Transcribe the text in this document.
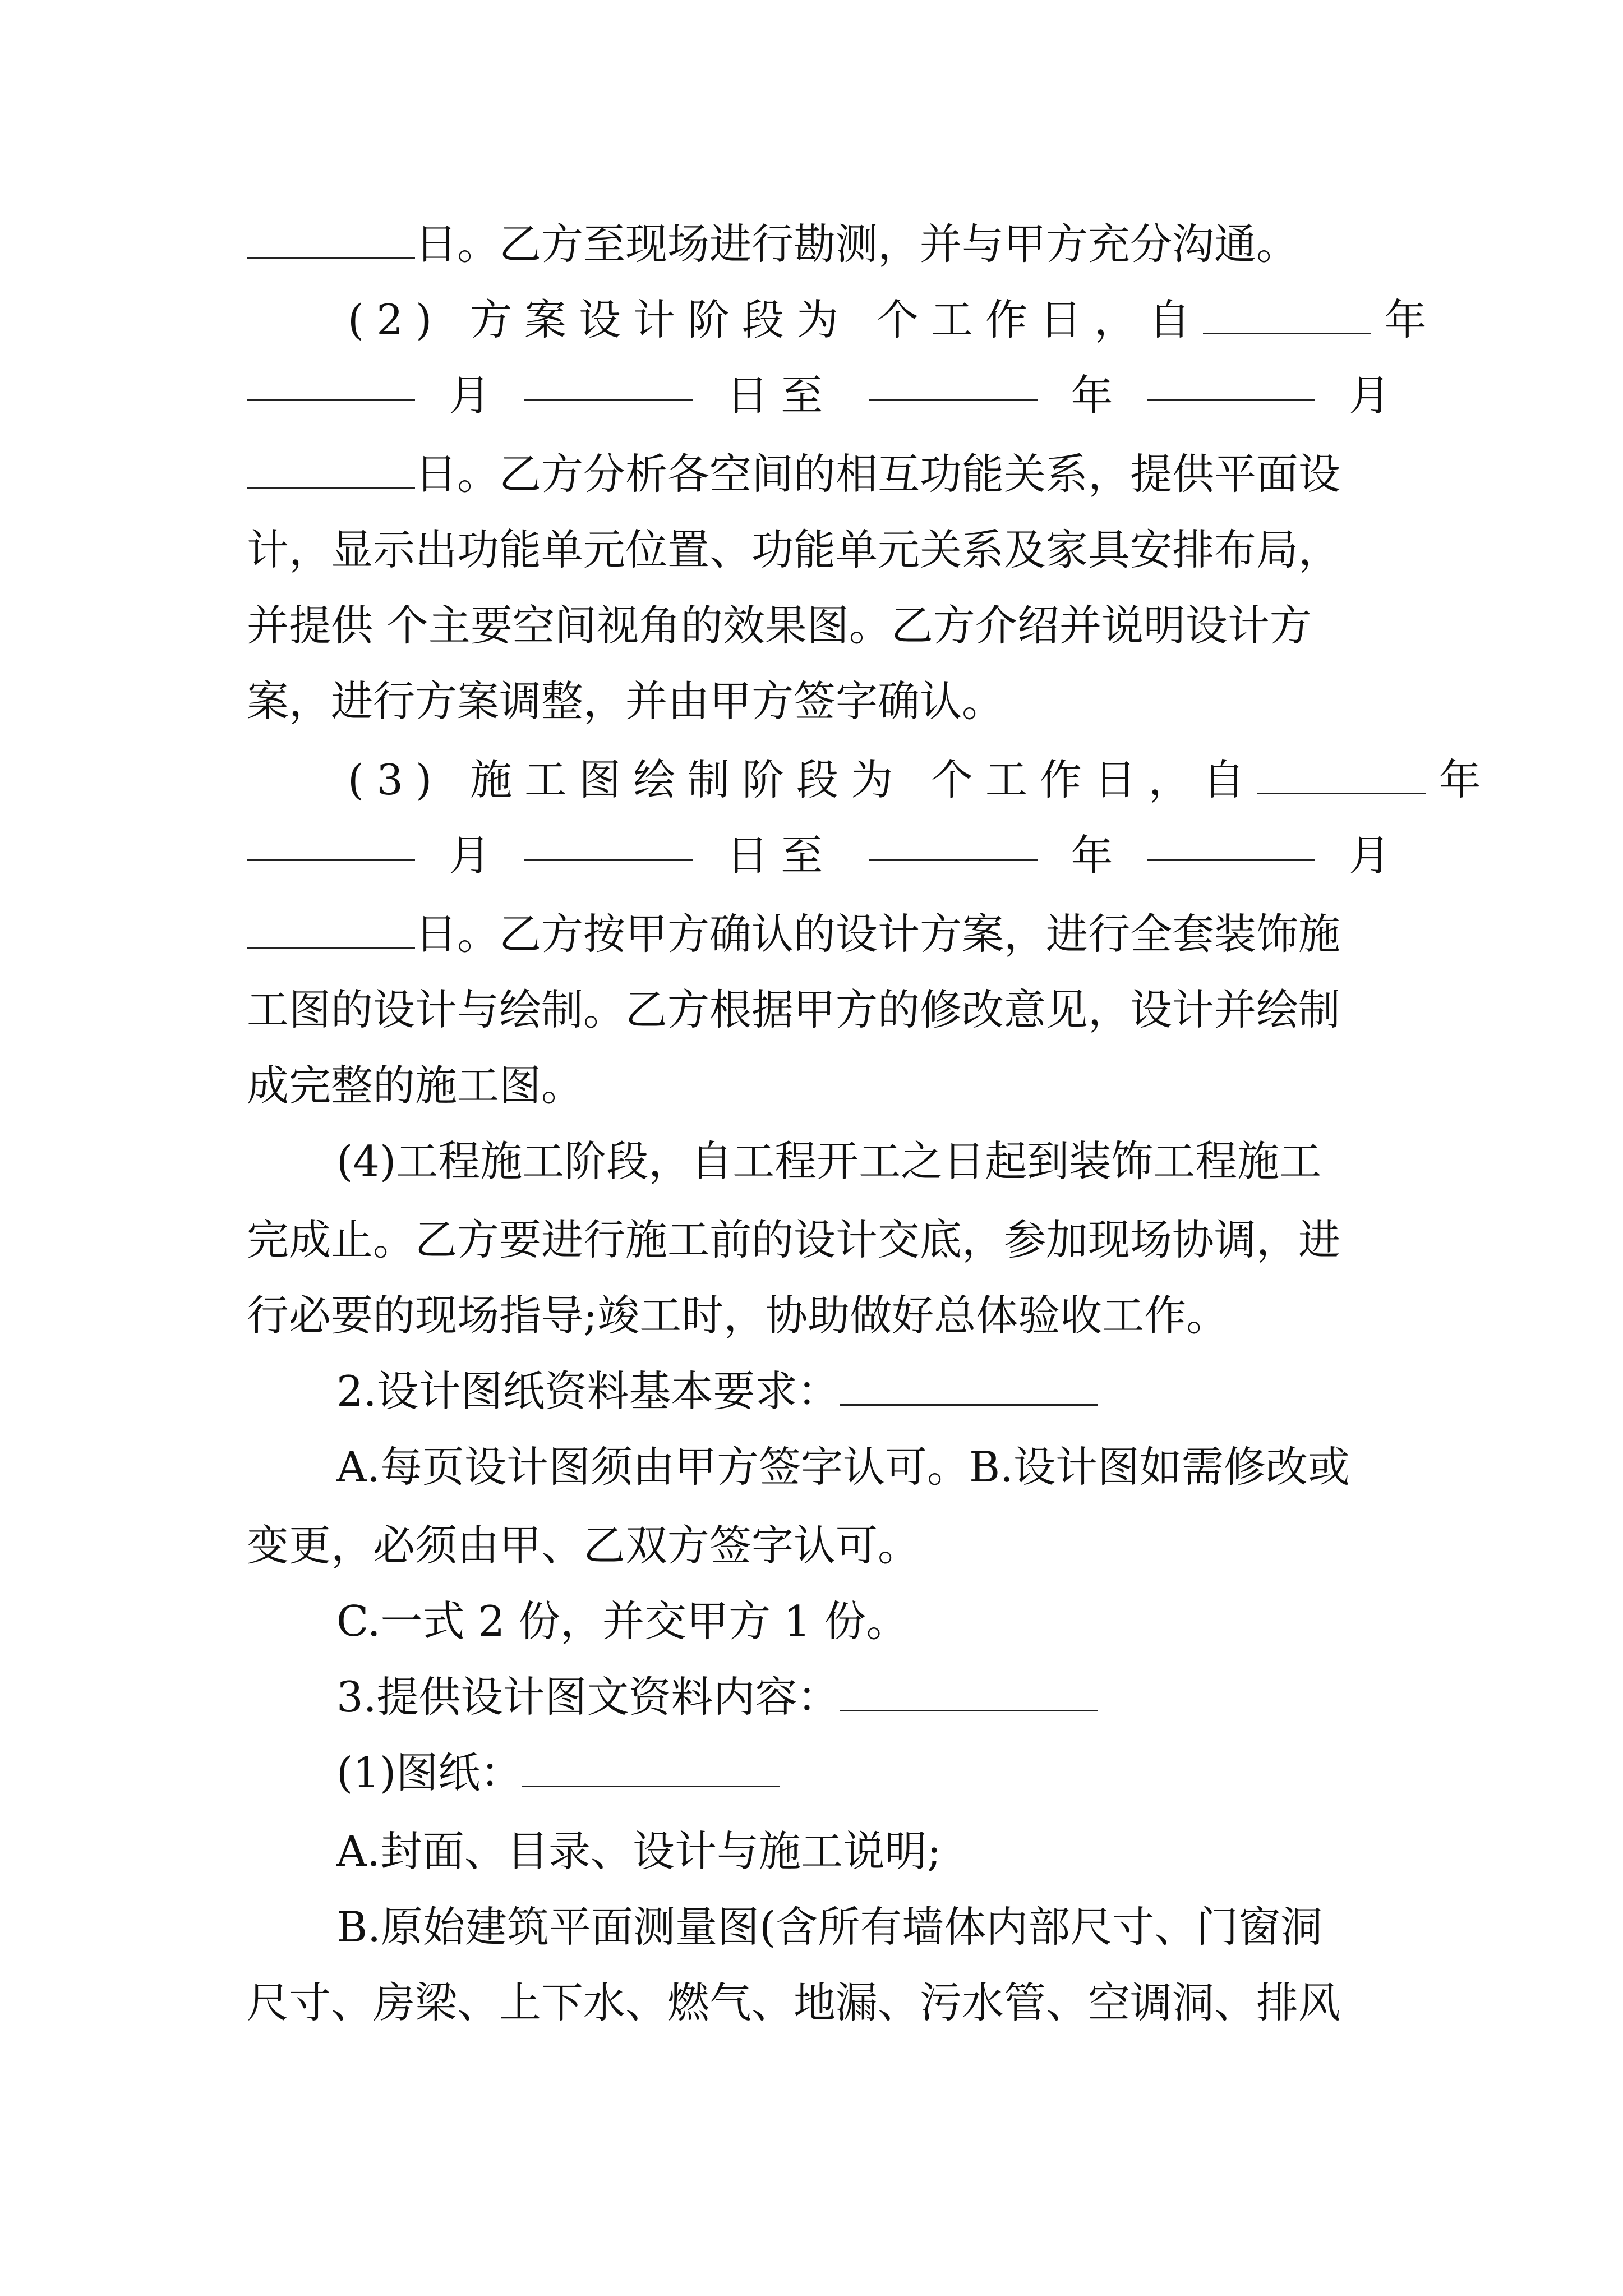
日。乙方至现场进行勘测，并与甲方充分沟通。
(2) 方案设计阶段为 个工作日，自	年
月	日至	年	月
日。乙方分析各空间的相互功能关系，提供平面设
计，显示出功能单元位置、功能单元关系及家具安排布局，
并提供 个主要空间视角的效果图。乙方介绍并说明设计方
案，进行方案调整，并由甲方签字确认。
(3) 施工图绘制阶段为 个工作日，自	年
月	日至	年	月
日。乙方按甲方确认的设计方案，进行全套装饰施
工图的设计与绘制。乙方根据甲方的修改意见，设计并绘制
成完整的施工图。
(4)工程施工阶段，自工程开工之日起到装饰工程施工
完成止。乙方要进行施工前的设计交底，参加现场协调，进
行必要的现场指导;竣工时，协助做好总体验收工作。
2.设计图纸资料基本要求：
A.每页设计图须由甲方签字认可。B.设计图如需修改或
变更，必须由甲、乙双方签字认可。
C.一式 2 份，并交甲方 1 份。
3.提供设计图文资料内容：
(1)图纸：
A.封面、目录、设计与施工说明;
B.原始建筑平面测量图(含所有墙体内部尺寸、门窗洞
尺寸、房梁、上下水、燃气、地漏、污水管、空调洞、排风
